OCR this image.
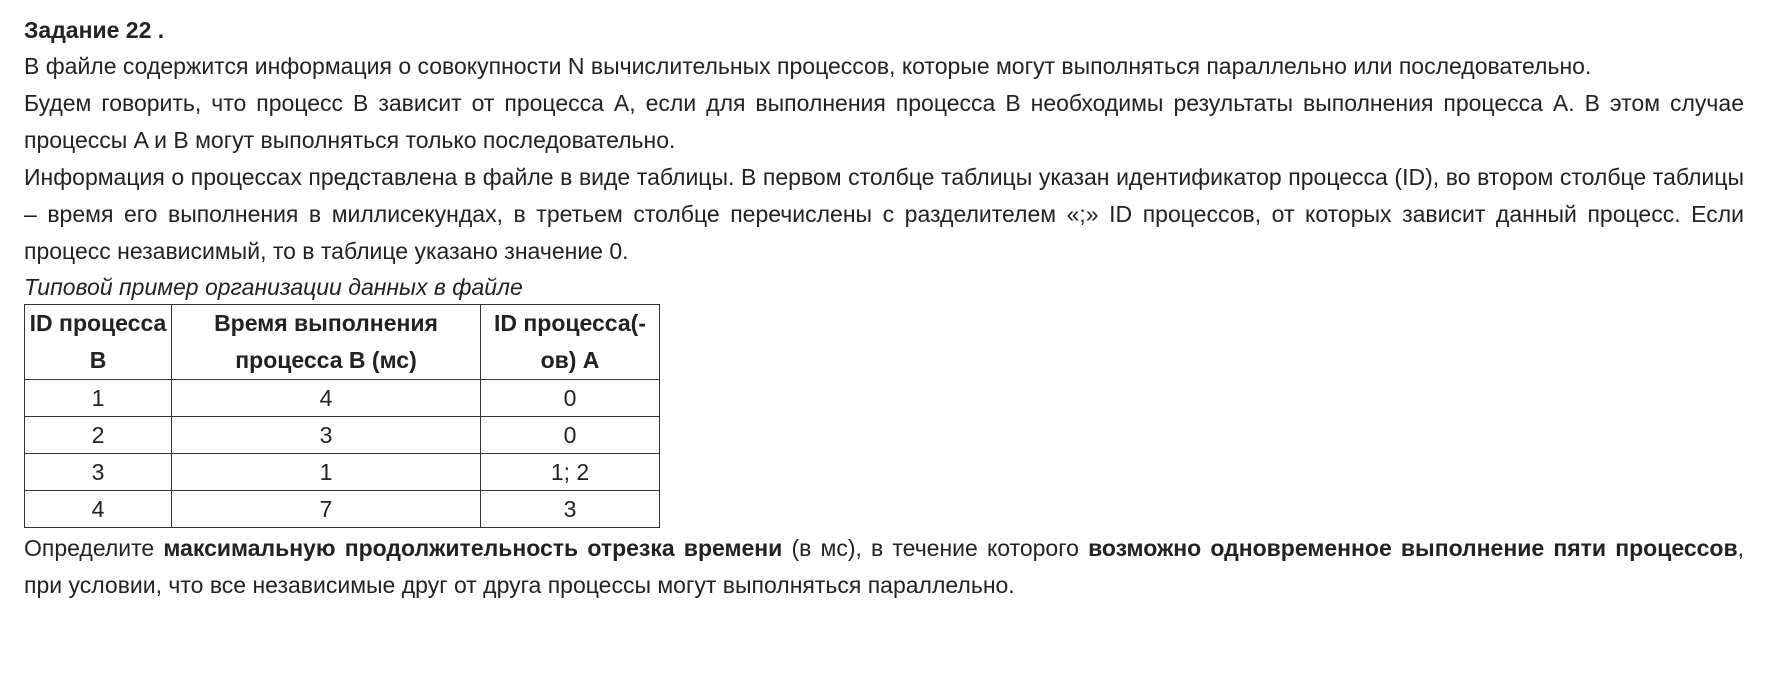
Задание 22 .

В файле содержится информация о совокупности N вычислительных процессов, которые могут выполняться параллельно или последовательно.

Будем говорить, что процесс B зависит от процесса A, если для выполнения процесса B необходимы результаты выполнения процесса A. В этом случае процессы A и B могут выполняться только последовательно.

Информация о процессах представлена в файле в виде таблицы. В первом столбце таблицы указан идентификатор процесса (ID), во втором столбце таблицы – время его выполнения в миллисекундах, в третьем столбце перечислены с разделителем «;» ID процессов, от которых зависит данный процесс. Если процесс независимый, то в таблице указано значение 0.

Типовой пример организации данных в файле

ID процесса B	Время выполнения процесса B (мс)	ID процесса(-ов) A
1	4	0
2	3	0
3	1	1; 2
4	7	3

Определите максимальную продолжительность отрезка времени (в мс), в течение которого возможно одновременное выполнение пяти процессов, при условии, что все независимые друг от друга процессы могут выполняться параллельно.
